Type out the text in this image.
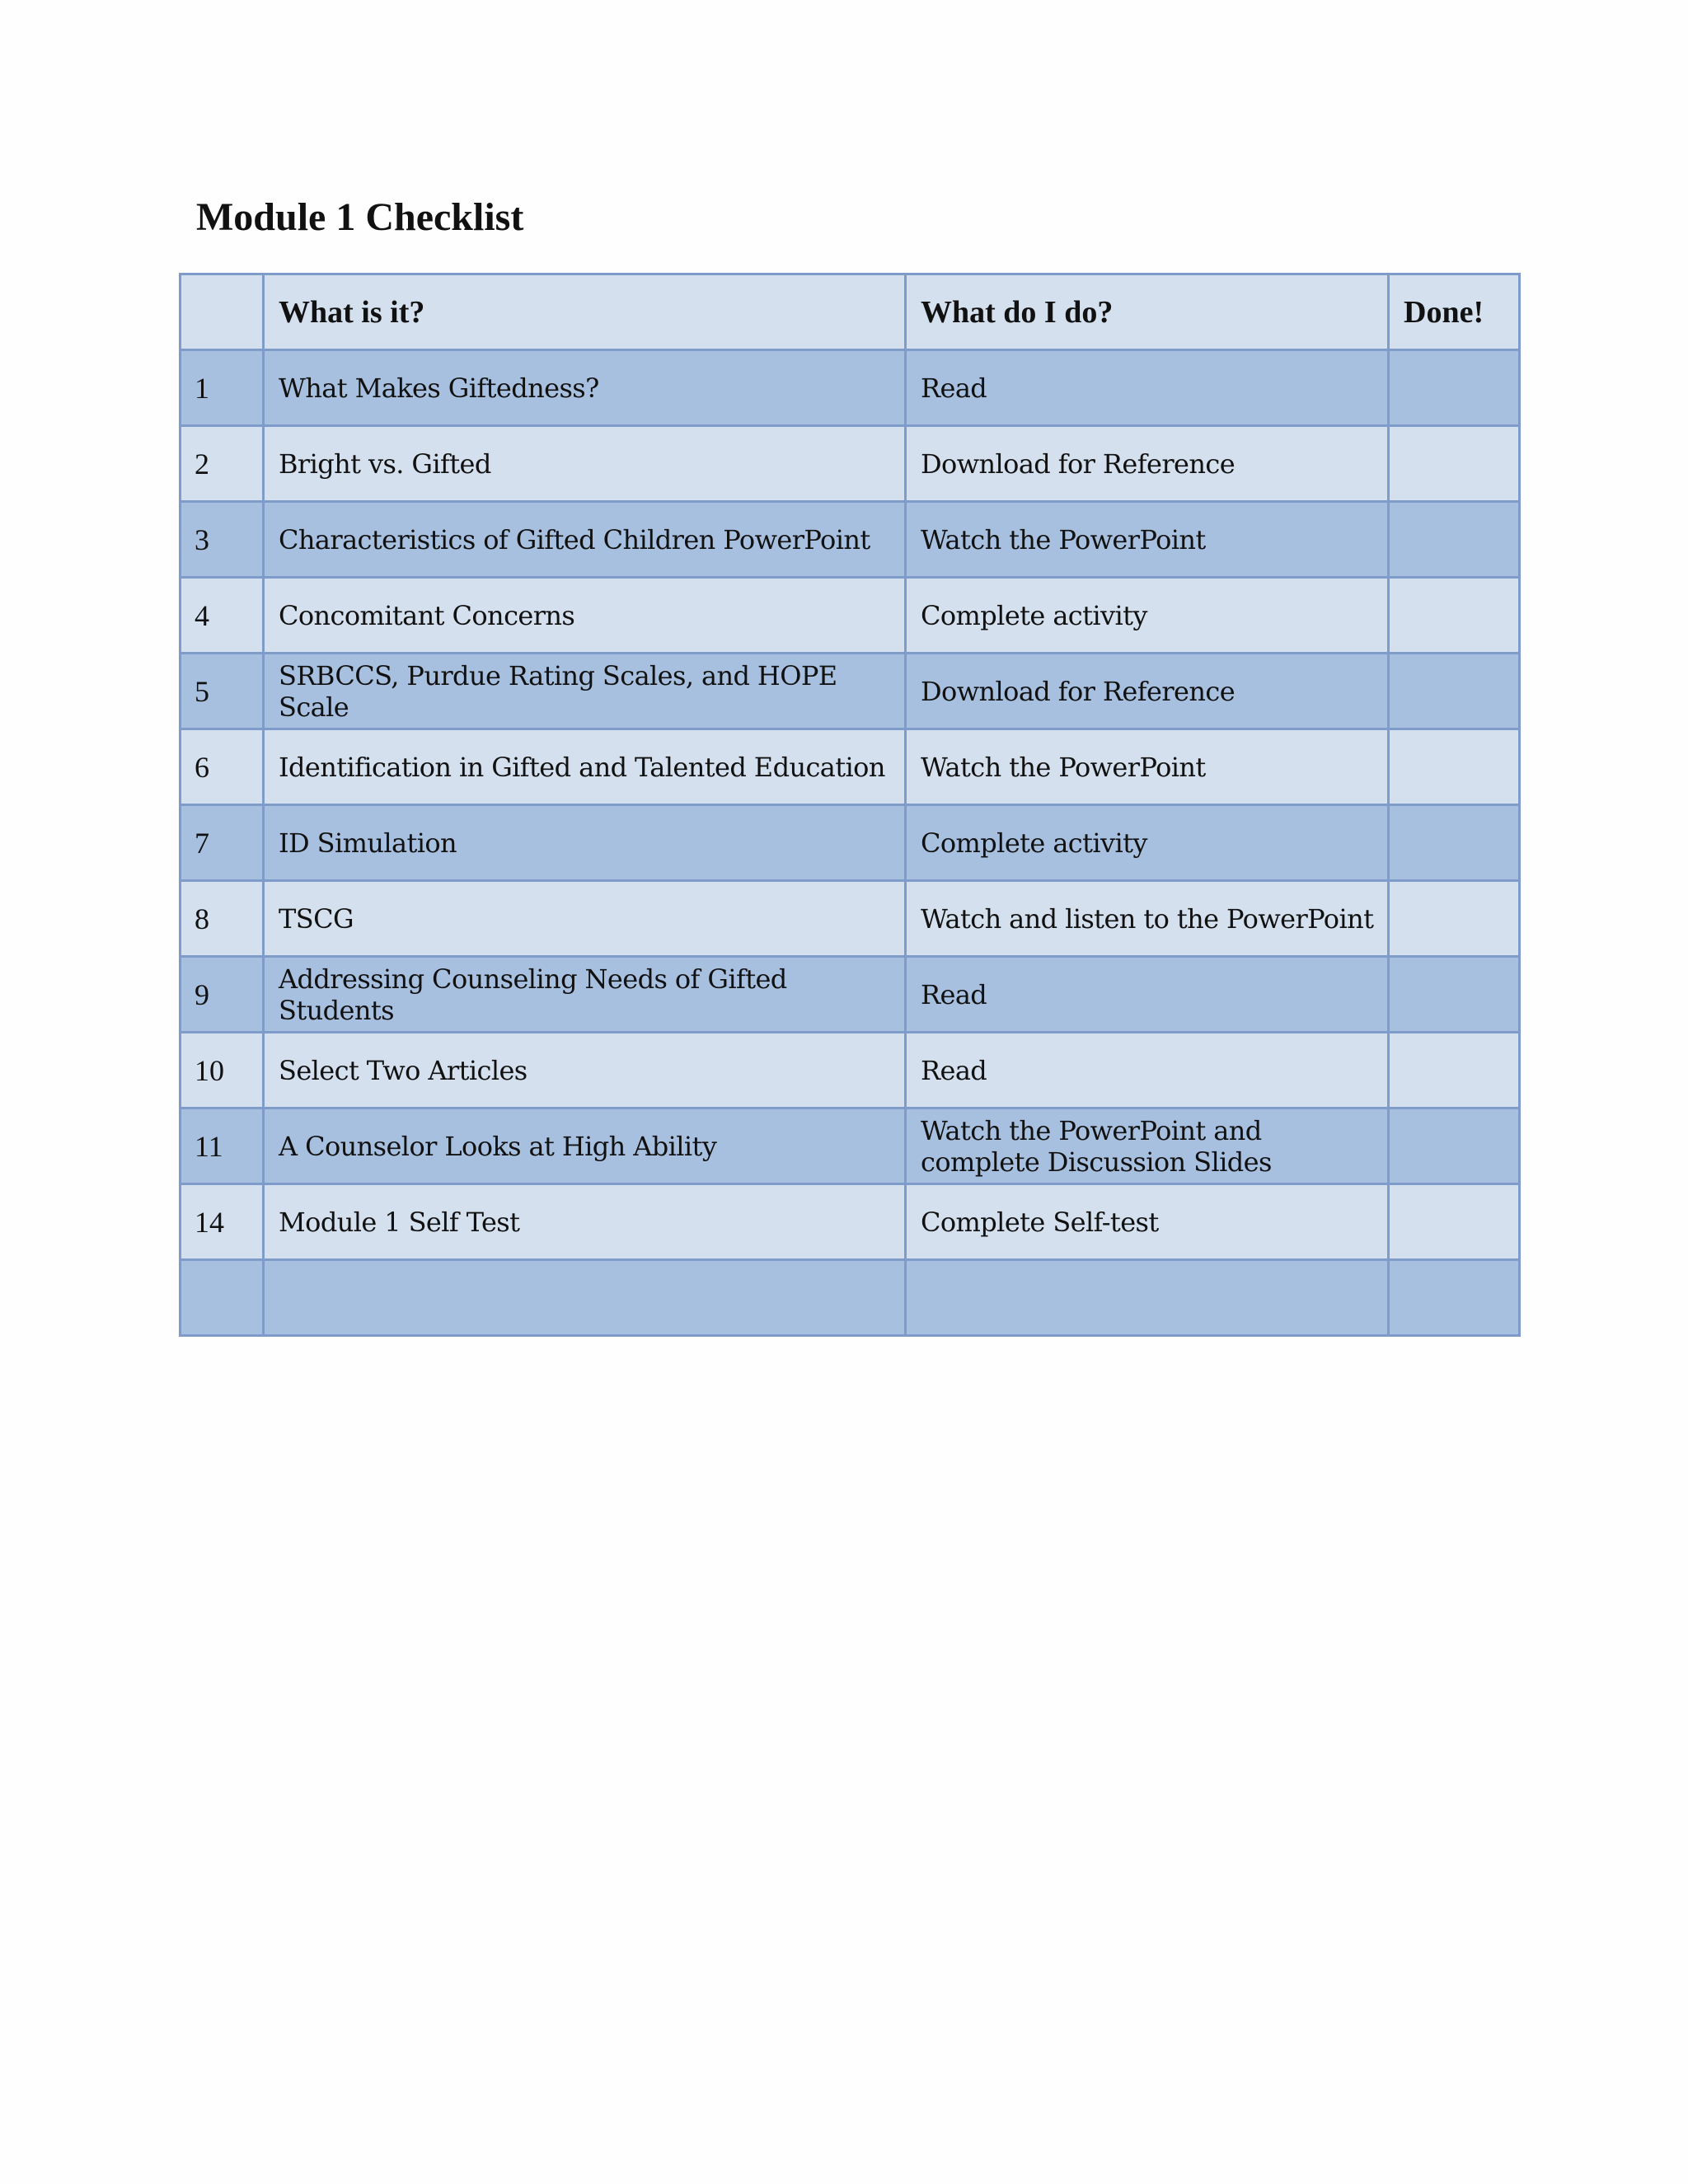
Module 1 Checklist
	What is it?	What do I do?	Done!
1	What Makes Giftedness?	Read	
2	Bright vs. Gifted	Download for Reference	
3	Characteristics of Gifted Children PowerPoint	Watch the PowerPoint	
4	Concomitant Concerns	Complete activity	
5	SRBCCS, Purdue Rating Scales, and HOPE Scale	Download for Reference	
6	Identification in Gifted and Talented Education	Watch the PowerPoint	
7	ID Simulation	Complete activity	
8	TSCG	Watch and listen to the PowerPoint	
9	Addressing Counseling Needs of Gifted Students	Read	
10	Select Two Articles	Read	
11	A Counselor Looks at High Ability	Watch the PowerPoint and complete Discussion Slides	
14	Module 1 Self Test	Complete Self-test	
